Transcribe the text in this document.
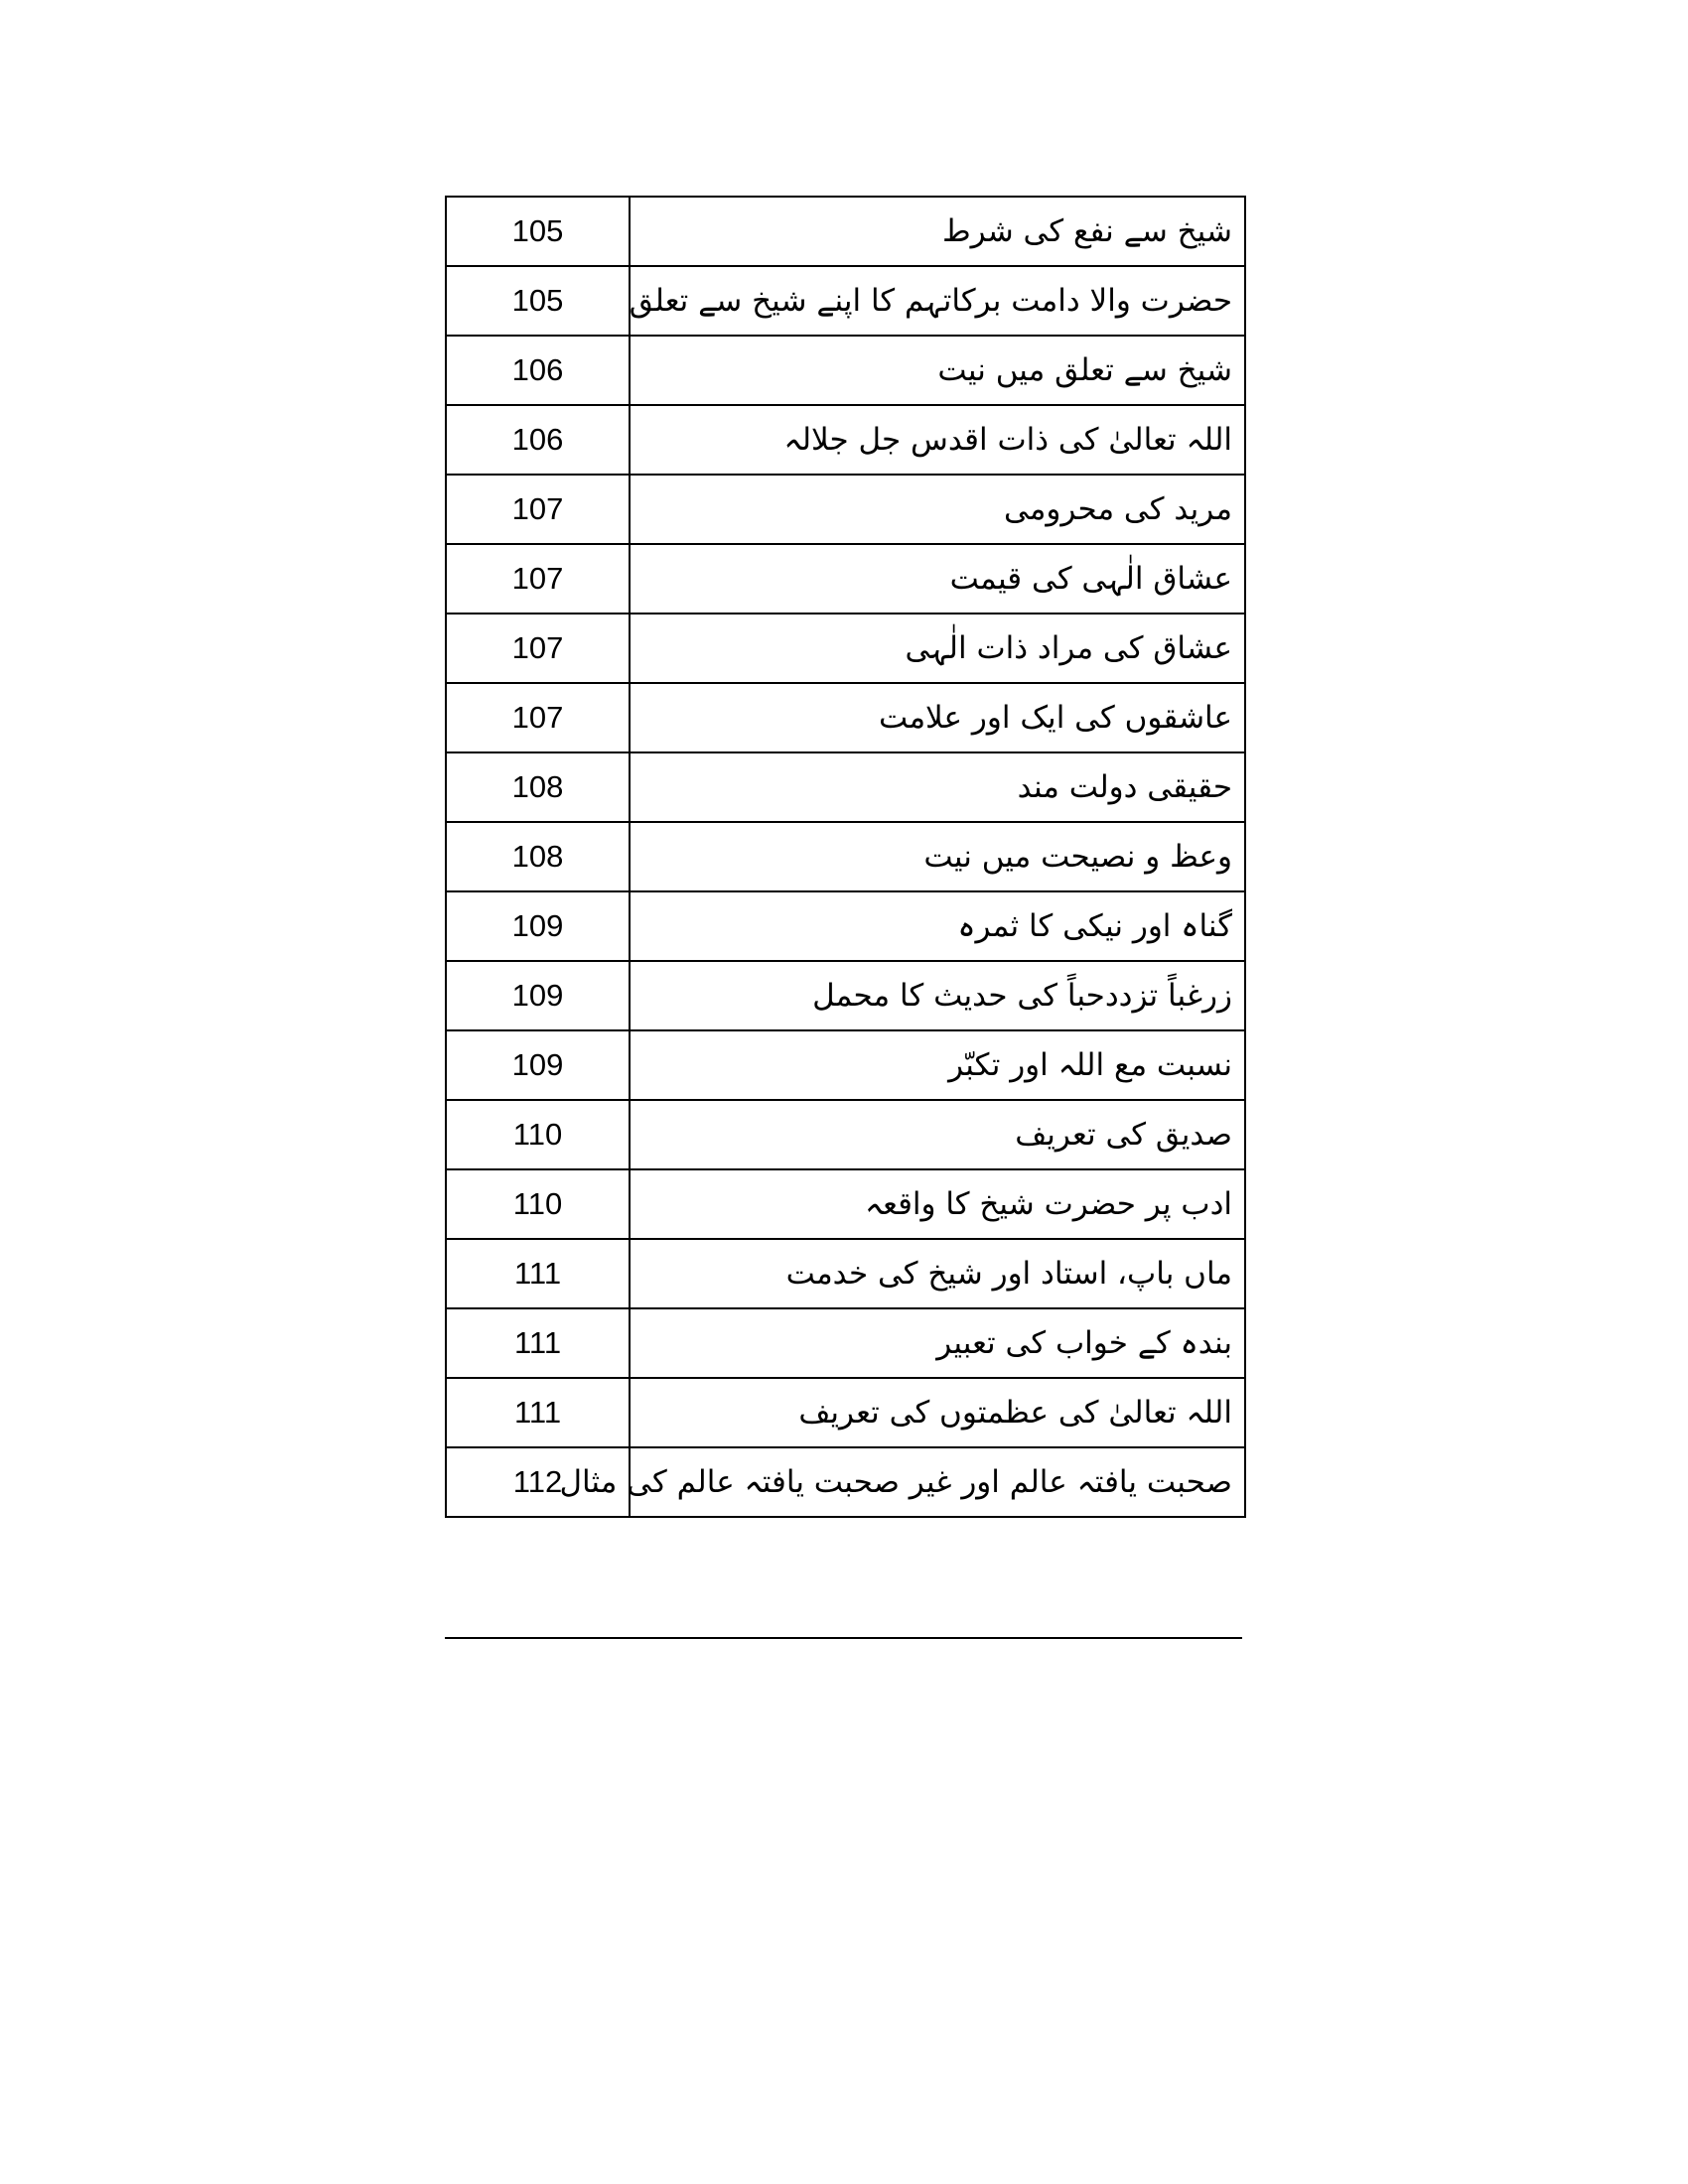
105	شیخ سے نفع کی شرط
105	حضرت والا دامت برکاتہم کا اپنے شیخ سے تعلق
106	شیخ سے تعلق میں نیت
106	اللہ تعالیٰ کی ذات اقدس جل جلالہ
107	مرید کی محرومی
107	عشاق الٰہی کی قیمت
107	عشاق کی مراد ذات الٰہی
107	عاشقوں کی ایک اور علامت
108	حقیقی دولت مند
108	وعظ و نصیحت میں نیت
109	گناہ اور نیکی کا ثمرہ
109	زرغباً تزددحباً کی حدیث کا محمل
109	نسبت مع اللہ اور تکبّر
110	صدیق کی تعریف
110	ادب پر حضرت شیخ کا واقعہ
111	ماں باپ، استاد اور شیخ کی خدمت
111	بندہ کے خواب کی تعبیر
111	اللہ تعالیٰ کی عظمتوں کی تعریف
112	صحبت یافتہ عالم اور غیر صحبت یافتہ عالم کی مثال
